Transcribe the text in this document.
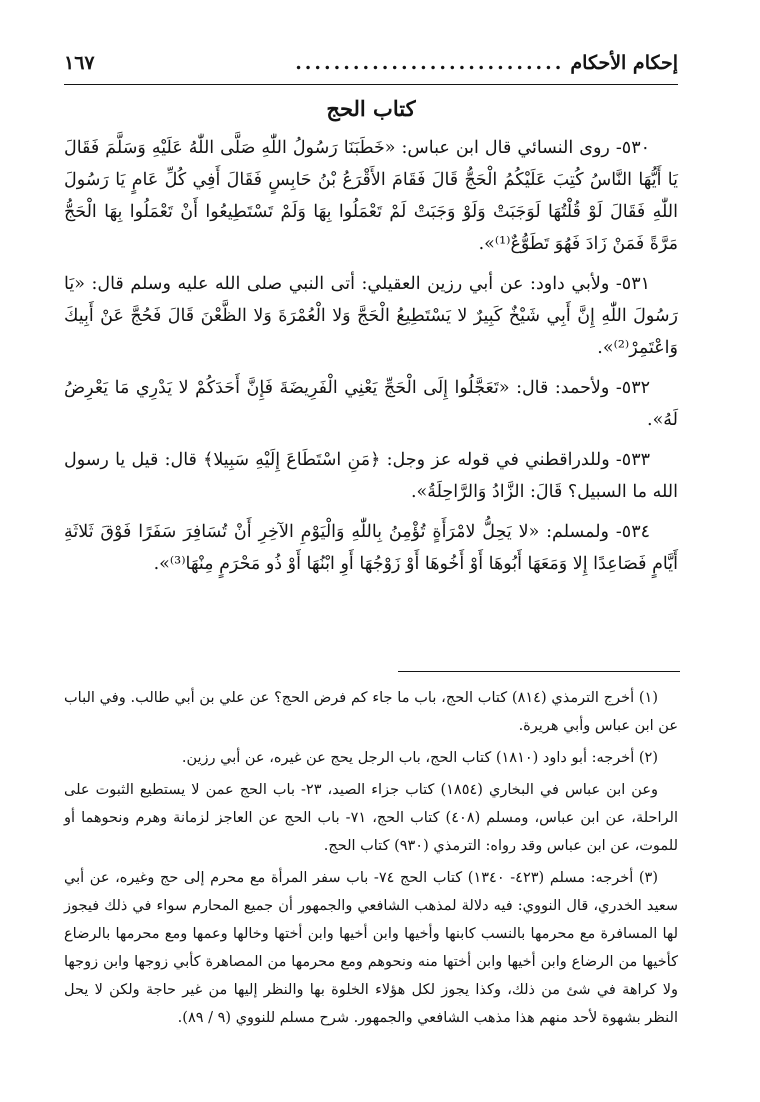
إحكام الأحكام
............................
١٦٧
كتاب الحج

٥٣٠- روى النسائي قال ابن عباس: «خَطَبَنَا رَسُولُ اللّٰهِ صَلَّى اللّٰهُ عَلَيْهِ وَسَلَّمَ فَقَالَ يَا أَيُّهَا النَّاسُ كُتِبَ عَلَيْكُمُ الْحَجُّ قَالَ فَقَامَ الأَقْرَعُ بْنُ حَابِسٍ فَقَالَ أَفِي كُلِّ عَامٍ يَا رَسُولَ اللّٰهِ فَقَالَ لَوْ قُلْتُهَا لَوَجَبَتْ وَلَوْ وَجَبَتْ لَمْ تَعْمَلُوا بِهَا وَلَمْ تَسْتَطِيعُوا أَنْ تَعْمَلُوا بِهَا الْحَجُّ مَرَّةً فَمَنْ زَادَ فَهُوَ تَطَوُّعٌ⁽¹⁾».

٥٣١- ولأبي داود: عن أبي رزين العقيلي: أتى النبي صلى الله عليه وسلم قال: «يَا رَسُولَ اللّٰهِ إِنَّ أَبِي شَيْخٌ كَبِيرٌ لا يَسْتَطِيعُ الْحَجَّ وَلا الْعُمْرَةَ وَلا الظَّعْنَ قَالَ فَحُجَّ عَنْ أَبِيكَ وَاعْتَمِرْ⁽²⁾».

٥٣٢- ولأحمد: قال: «تَعَجَّلُوا إِلَى الْحَجِّ يَعْنِي الْفَرِيضَةَ فَإِنَّ أَحَدَكُمْ لا يَدْرِي مَا يَعْرِضُ لَهُ».

٥٣٣- وللدراقطني في قوله عز وجل: ﴿مَنِ اسْتَطَاعَ إِلَيْهِ سَبِيلا﴾ قال: قيل يا رسول الله ما السبيل؟ قَالَ: الزَّادُ وَالرَّاحِلَةُ».

٥٣٤- ولمسلم: «لا يَحِلُّ لامْرَأَةٍ تُؤْمِنُ بِاللّٰهِ وَالْيَوْمِ الآخِرِ أَنْ تُسَافِرَ سَفَرًا فَوْقَ ثَلاثَةِ أَيَّامٍ فَصَاعِدًا إِلا وَمَعَهَا أَبُوهَا أَوْ أَخُوهَا أَوْ زَوْجُهَا أَوِ ابْنُهَا أَوْ ذُو مَحْرَمٍ مِنْهَا⁽³⁾».

(١) أخرج الترمذي (٨١٤) كتاب الحج، باب ما جاء كم فرض الحج؟ عن علي بن أبي طالب. وفي الباب عن ابن عباس وأبي هريرة.

(٢) أخرجه: أبو داود (١٨١٠) كتاب الحج، باب الرجل يحج عن غيره، عن أبي رزين.

وعن ابن عباس في البخاري (١٨٥٤) كتاب جزاء الصيد، ٢٣- باب الحج عمن لا يستطيع الثبوت على الراحلة، عن ابن عباس، ومسلم (٤٠٨) كتاب الحج، ٧١- باب الحج عن العاجز لزمانة وهرم ونحوهما أو للموت، عن ابن عباس وقد رواه: الترمذي (٩٣٠) كتاب الحج.

(٣) أخرجه: مسلم (٤٢٣- ١٣٤٠) كتاب الحج ٧٤- باب سفر المرأة مع محرم إلى حج وغيره، عن أبي سعيد الخدري، قال النووي: فيه دلالة لمذهب الشافعي والجمهور أن جميع المحارم سواء في ذلك فيجوز لها المسافرة مع محرمها بالنسب كابنها وأخيها وابن أخيها وابن أختها وخالها وعمها ومع محرمها بالرضاع كأخيها من الرضاع وابن أخيها وابن أختها منه ونحوهم ومع محرمها من المصاهرة كأبي زوجها وابن زوجها ولا كراهة في شئ من ذلك، وكذا يجوز لكل هؤلاء الخلوة بها والنظر إليها من غير حاجة ولكن لا يحل النظر بشهوة لأحد منهم هذا مذهب الشافعي والجمهور. شرح مسلم للنووي (٩ / ٨٩).
